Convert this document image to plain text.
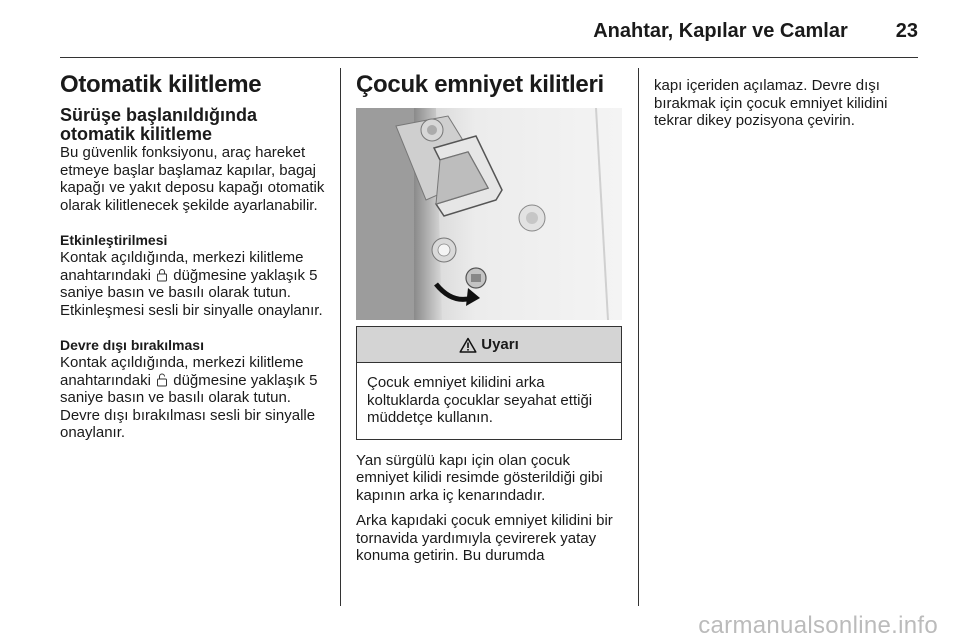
Anahtar, Kapılar ve Camlar 23
Otomatik kilitleme
Sürüşe başlanıldığında otomatik kilitleme

Bu güvenlik fonksiyonu, araç hareket etmeye başlar başlamaz kapılar, bagaj kapağı ve yakıt deposu kapağı otomatik olarak kilitlenecek şekilde ayarlanabilir.

Etkinleştirilmesi

Kontak açıldığında, merkezi kilitleme anahtarındaki düğmesine yaklaşık 5 saniye basın ve basılı olarak tutun. Etkinleşmesi sesli bir sinyalle onaylanır.

Devre dışı bırakılması

Kontak açıldığında, merkezi kilitleme anahtarındaki düğmesine yaklaşık 5 saniye basın ve basılı olarak tutun. Devre dışı bırakılması sesli bir sinyalle onaylanır.

Çocuk emniyet kilitleri
Uyarı
Çocuk emniyet kilidini arka koltuklarda çocuklar seyahat ettiği müddetçe kullanın.

Yan sürgülü kapı için olan çocuk emniyet kilidi resimde gösterildiği gibi kapının arka iç kenarındadır.

Arka kapıdaki çocuk emniyet kilidini bir tornavida yardımıyla çevirerek yatay konuma getirin. Bu durumda

kapı içeriden açılamaz. Devre dışı bırakmak için çocuk emniyet kilidini tekrar dikey pozisyona çevirin.

carmanualsonline.info
